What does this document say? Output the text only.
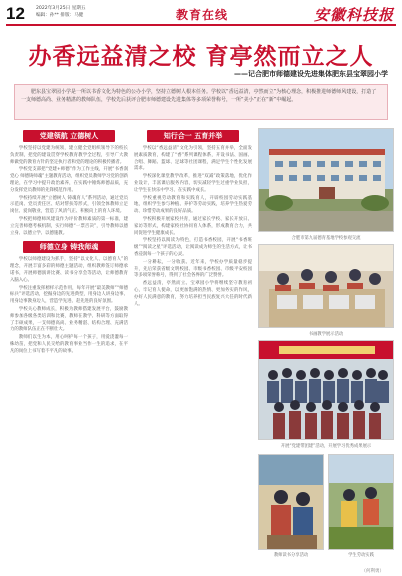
12 2022年3月25日 星期五
编辑：孙** 排版：马健	教育在线	安徽科技报
办香远益清之校 育亭然而立之人
——记合肥市师德建设先进集体肥东县宝翠园小学

肥东县宝翠园小学是一所以书香文化为特色的公办小学，坚持立德树人根本任务。学校以“香远益清，亭然而立”为核心理念，积极推进师德师风建设，打造了一支师德高尚、业务精湛的教师队伍，学校先后获评合肥市师德建设先进集体等多项荣誉称号，一所“美小”正在“新”中崛起。

党建领航 立德树人

学校坚持以党建为统领，建立健全党组织领导下的校长负责制，把党的建设贯穿学校教育教学全过程，引导广大教师做党的教育方针的坚定执行者和党的理论的积极传播者。

学校党支部把“党建+师德”作为工作主线，开展“书香润党心 师德铸师魂”主题教育活动，组织党员教师学习党的创新理论，在学习中提升政治素养，在实践中锤炼师德品质，充分发挥党员教师的先锋模范作用。

学校持续开展“立德树人 铸魂育人”系列活动，通过党员示范岗、党员责任区、结对帮扶等形式，引领全体教师立足岗位、爱岗敬业，营造了风清气正、积极向上的育人环境。

学校把师德师风建设作为评价教师素质的第一标准，建立完善师德考核机制，实行师德“一票否决”，引导教师以德立身、以德立学、以德施教。

师德立身 铸我师魂

学校以师德建设为抓手，坚持“以文化人、以德育人”的理念，开展丰富多彩的师德主题活动，组织教师签订师德承诺书，开展师德演讲比赛、读书分享会等活动，让师德教育入脑入心。

学校注重发挥榜样示范作用，每年开展“最美教师”“师德标兵”评选活动，挖掘身边的先进典型，用身边人讲身边事、用身边事教身边人，营造学先进、赶先进的良好氛围。

学校关心教师成长，积极为教师搭建发展平台，鼓励教师参加各级各类培训和比赛，教师在教学、科研等方面取得了丰硕成果，一支师德高尚、业务精湛、结构合理、充满活力的教师队伍正在不断壮大。

教师们以生为本，用心呵护每一个孩子，用爱浇灌每一株幼苗，把党和人民交给的教育事业当作一生的追求，在平凡的岗位上书写着不平凡的故事。

知行合一 五育并举

学校以“香远益清”文化为引领，坚持五育并举，全面发展素质教育，构建了“香”系列课程体系，开设书法、国画、合唱、舞蹈、篮球、足球等社团课程，满足学生个性化发展需求。

学校深化课堂教学改革，推进“双减”政策落地，优化作业设计，丰富课后服务内容，切实减轻学生过重学业负担，让学生在快乐中学习、在实践中成长。

学校重视劳动教育和实践育人，开辟校园劳动实践基地，组织学生参与种植、养护等劳动实践，培养学生热爱劳动、珍惜劳动成果的良好品质。

学校积极开展家校共育，通过家长学校、家长开放日、家访等形式，构建家校社协同育人体系，形成教育合力，共同促进学生健康成长。

学校坚持以阅读为特色，打造书香校园，开展“书香班级”“阅读之星”评选活动，让阅读成为师生的生活方式，让书香浸润每一个孩子的心灵。

一分耕耘，一分收获。近年来，学校办学质量稳步提升，先后荣获省级文明校园、市级书香校园、市级平安校园等多项荣誉称号，得到了社会各界的广泛赞誉。

香远益清，亭然而立。宝翠园小学将继续坚守教育初心，牢记育人使命，以更加饱满的热情、更加务实的作风，办好人民满意的教育，努力培养担当民族复兴大任的时代新人。

（何利勇）
合肥市第九届德育基地学校参观交流
书画教学展示活动
开展“党建带团建”活动，开展学习优秀成果展示
教师读书分享活动	学生劳动实践
